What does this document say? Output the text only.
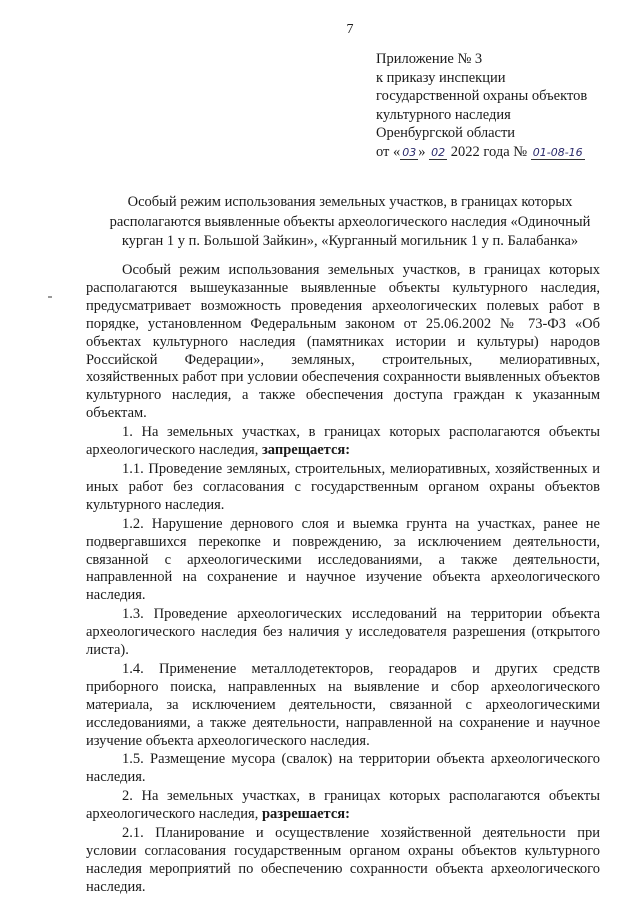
7
Приложение № 3
к приказу инспекции
государственной охраны объектов
культурного наследия
Оренбургской области
от « 03 » 02 2022 года № 01-08-16
Особый режим использования земельных участков, в границах которых располагаются выявленные объекты археологического наследия «Одиночный курган 1 у п. Большой Зайкин», «Курганный могильник 1 у п. Балабанка»

Особый режим использования земельных участков, в границах которых располагаются вышеуказанные выявленные объекты культурного наследия, предусматривает возможность проведения археологических полевых работ в порядке, установленном Федеральным законом от 25.06.2002 № 73-ФЗ «Об объектах культурного наследия (памятниках истории и культуры) народов Российской Федерации», земляных, строительных, мелиоративных, хозяйственных работ при условии обеспечения сохранности выявленных объектов культурного наследия, а также обеспечения доступа граждан к указанным объектам.

1. На земельных участках, в границах которых располагаются объекты археологического наследия, запрещается:

1.1. Проведение земляных, строительных, мелиоративных, хозяйственных и иных работ без согласования с государственным органом охраны объектов культурного наследия.

1.2. Нарушение дернового слоя и выемка грунта на участках, ранее не подвергавшихся перекопке и повреждению, за исключением деятельности, связанной с археологическими исследованиями, а также деятельности, направленной на сохранение и научное изучение объекта археологического наследия.

1.3. Проведение археологических исследований на территории объекта археологического наследия без наличия у исследователя разрешения (открытого листа).

1.4. Применение металлодетекторов, георадаров и других средств приборного поиска, направленных на выявление и сбор археологического материала, за исключением деятельности, связанной с археологическими исследованиями, а также деятельности, направленной на сохранение и научное изучение объекта археологического наследия.

1.5. Размещение мусора (свалок) на территории объекта археологического наследия.

2. На земельных участках, в границах которых располагаются объекты археологического наследия, разрешается:

2.1. Планирование и осуществление хозяйственной деятельности при условии согласования государственным органом охраны объектов культурного наследия мероприятий по обеспечению сохранности объекта археологического наследия.
